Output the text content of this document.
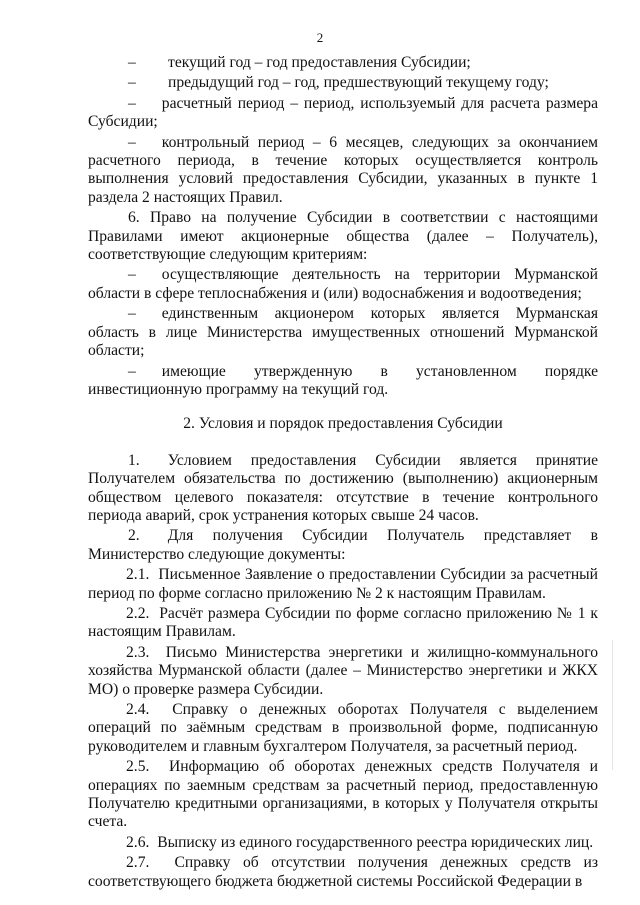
2
–	текущий год – год предоставления Субсидии;
–	предыдущий год – год, предшествующий текущему году;
– расчетный период – период, используемый для расчета размера Субсидии;
– контрольный период – 6 месяцев, следующих за окончанием расчетного периода, в течение которых осуществляется контроль выполнения условий предоставления Субсидии, указанных в пункте 1 раздела 2 настоящих Правил.
6. Право на получение Субсидии в соответствии с настоящими Правилами имеют акционерные общества (далее – Получатель), соответствующие следующим критериям:
– осуществляющие деятельность на территории Мурманской области в сфере теплоснабжения и (или) водоснабжения и водоотведения;
– единственным акционером которых является Мурманская область в лице Министерства имущественных отношений Мурманской области;
– имеющие утвержденную в установленном порядке инвестиционную программу на текущий год.
2. Условия и порядок предоставления Субсидии
1. Условием предоставления Субсидии является принятие Получателем обязательства по достижению (выполнению) акционерным обществом целевого показателя: отсутствие в течение контрольного периода аварий, срок устранения которых свыше 24 часов.
2. Для получения Субсидии Получатель представляет в Министерство следующие документы:
2.1. Письменное Заявление о предоставлении Субсидии за расчетный период по форме согласно приложению № 2 к настоящим Правилам.
2.2. Расчёт размера Субсидии по форме согласно приложению № 1 к настоящим Правилам.
2.3. Письмо Министерства энергетики и жилищно-коммунального хозяйства Мурманской области (далее – Министерство энергетики и ЖКХ МО) о проверке размера Субсидии.
2.4. Справку о денежных оборотах Получателя с выделением операций по заёмным средствам в произвольной форме, подписанную руководителем и главным бухгалтером Получателя, за расчетный период.
2.5. Информацию об оборотах денежных средств Получателя и операциях по заемным средствам за расчетный период, предоставленную Получателю кредитными организациями, в которых у Получателя открыты счета.
2.6. Выписку из единого государственного реестра юридических лиц.
2.7. Справку об отсутствии получения денежных средств из соответствующего бюджета бюджетной системы Российской Федерации в
